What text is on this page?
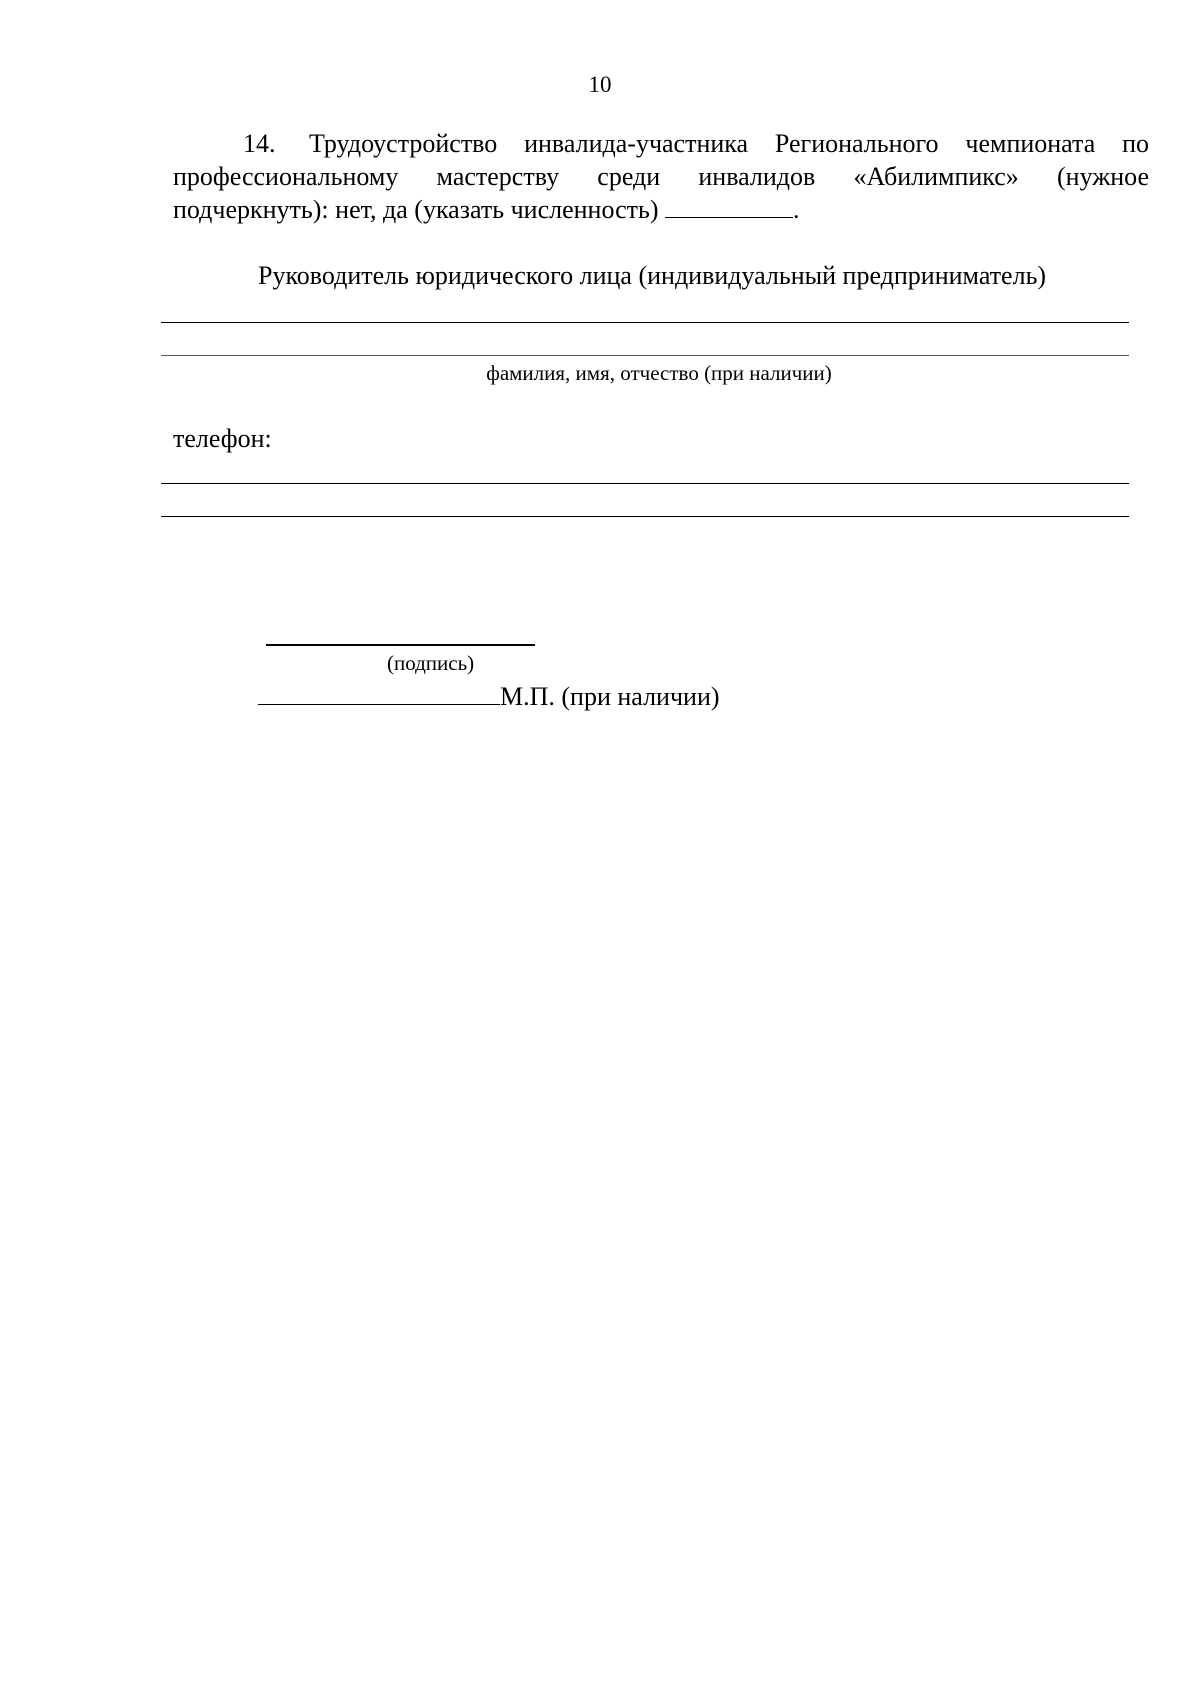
10
14. Трудоустройство инвалида-участника Регионального чемпионата по профессиональному мастерству среди инвалидов «Абилимпикс» (нужное подчеркнуть): нет, да (указать численность)	.
Руководитель юридического лица (индивидуальный предприниматель)
фамилия, имя, отчество (при наличии)
телефон:
(подпись)
М.П. (при наличии)
